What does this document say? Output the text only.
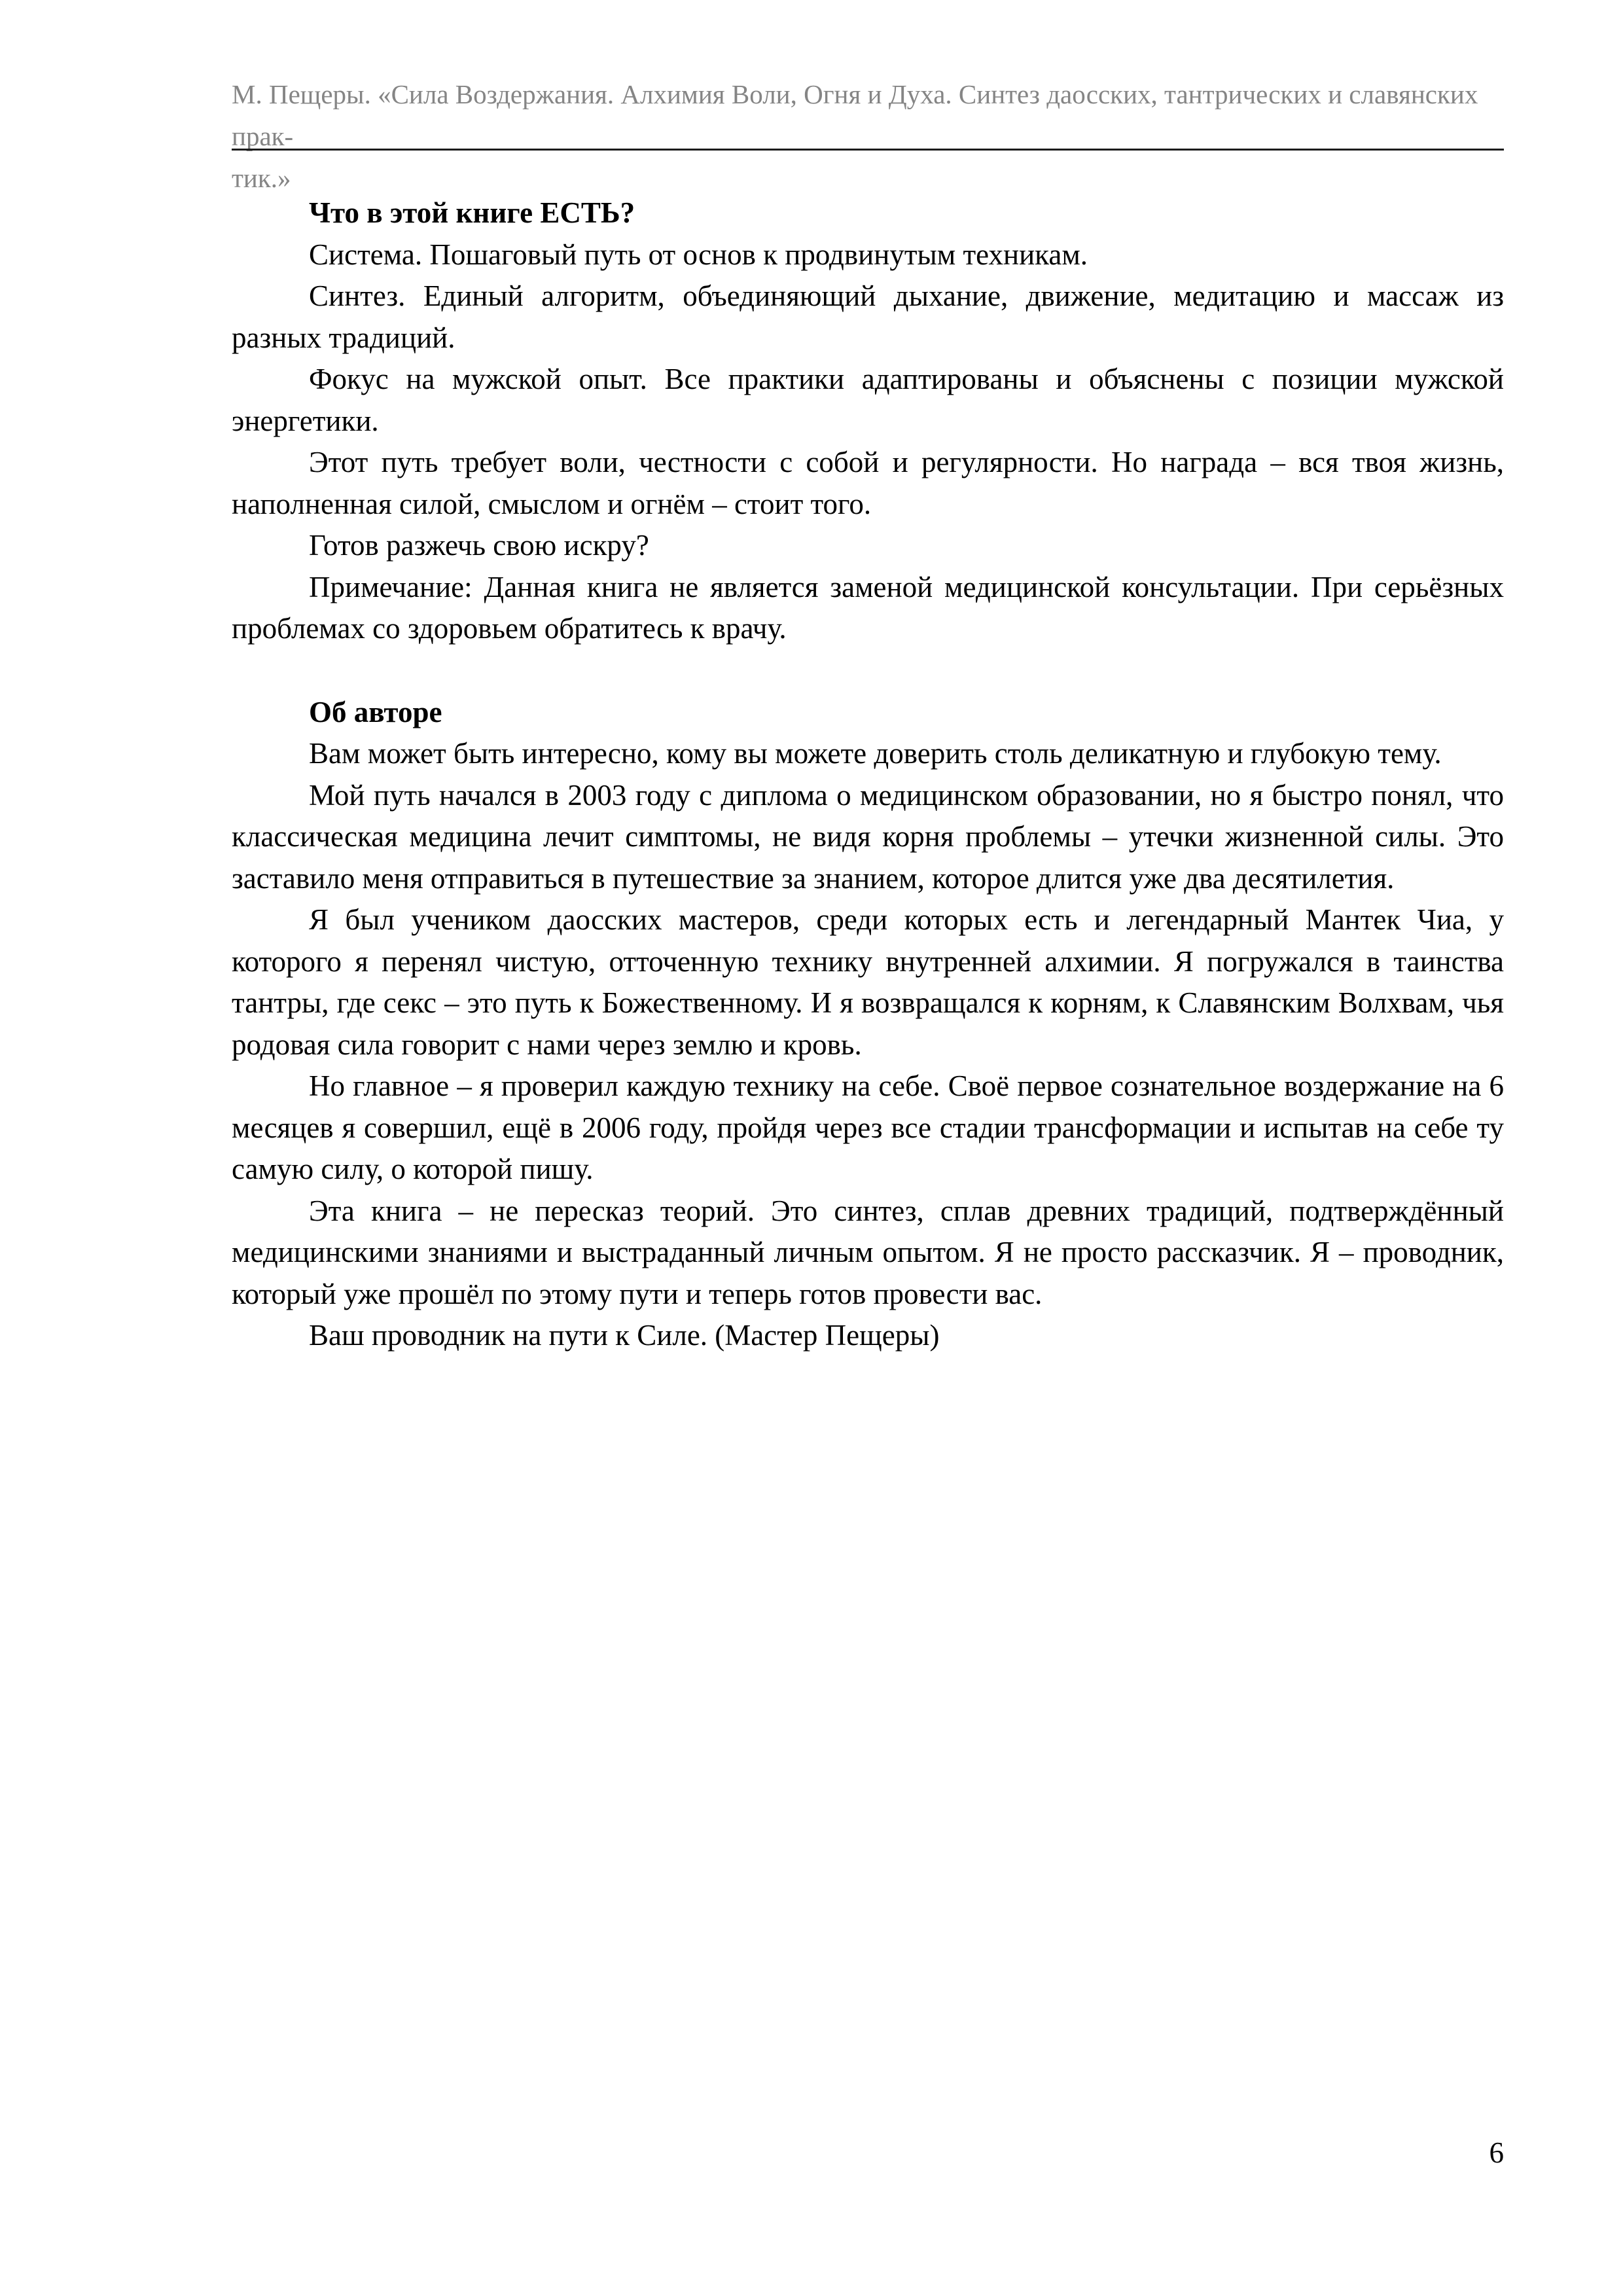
М. Пещеры. «Сила Воздержания. Алхимия Воли, Огня и Духа. Синтез даосских, тантрических и славянских прак-
тик.»
Что в этой книге ЕСТЬ?

Система. Пошаговый путь от основ к продвинутым техникам.

Синтез. Единый алгоритм, объединяющий дыхание, движение, медитацию и массаж из разных традиций.

Фокус на мужской опыт. Все практики адаптированы и объяснены с позиции мужской энергетики.

Этот путь требует воли, честности с собой и регулярности. Но награда – вся твоя жизнь, наполненная силой, смыслом и огнём – стоит того.

Готов разжечь свою искру?

Примечание: Данная книга не является заменой медицинской консультации. При серьёзных проблемах со здоровьем обратитесь к врачу.

Об авторе

Вам может быть интересно, кому вы можете доверить столь деликатную и глубокую тему.

Мой путь начался в 2003 году с диплома о медицинском образовании, но я быстро понял, что классическая медицина лечит симптомы, не видя корня проблемы – утечки жизненной силы. Это заставило меня отправиться в путешествие за знанием, которое длится уже два десятилетия.

Я был учеником даосских мастеров, среди которых есть и легендарный Мантек Чиа, у которого я перенял чистую, отточенную технику внутренней алхимии. Я погружался в таинства тантры, где секс – это путь к Божественному. И я возвращался к корням, к Славянским Волхвам, чья родовая сила говорит с нами через землю и кровь.

Но главное – я проверил каждую технику на себе. Своё первое сознательное воздержание на 6 месяцев я совершил, ещё в 2006 году, пройдя через все стадии трансформации и испытав на себе ту самую силу, о которой пишу.

Эта книга – не пересказ теорий. Это синтез, сплав древних традиций, подтверждённый медицинскими знаниями и выстраданный личным опытом. Я не просто рассказчик. Я – проводник, который уже прошёл по этому пути и теперь готов провести вас.

Ваш проводник на пути к Силе. (Мастер Пещеры)

6
